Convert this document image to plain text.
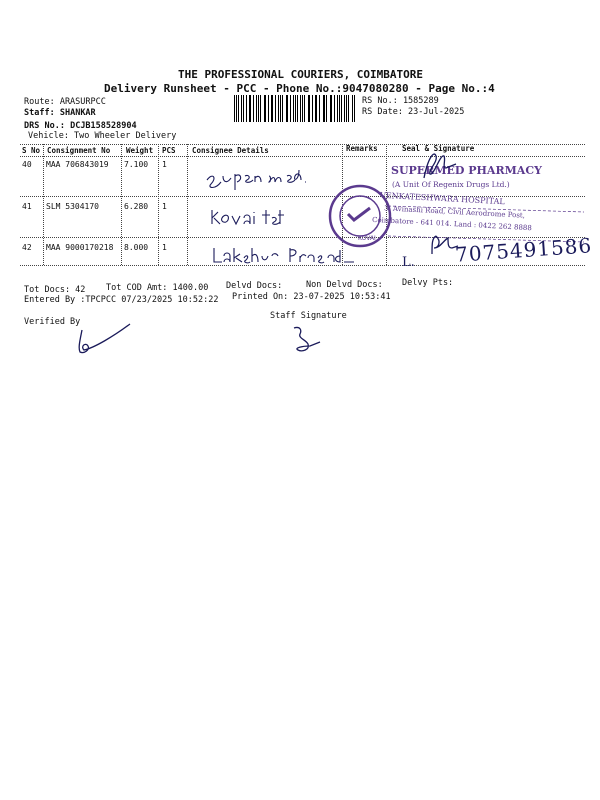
THE PROFESSIONAL COURIERS, COIMBATORE
Delivery Runsheet - PCC - Phone No.:9047080280 - Page No.:4
Route: ARASURPCC
Staff: SHANKAR
DRS No.: DCJB158528904
Vehicle: Two Wheeler Delivery
RS No.: 1585289
RS Date: 23-Jul-2025
S No Consignment No Weight PCS Consignee Details	Remarks	Seal & Signature
40 MAA 706843019 7.100 1
41 SLM 5304170	6.280 1
42 MAA 9000170218 8.000 1
KOVAI
SUPERMED PHARMACY
(A Unit Of Regenix Drugs Ltd.)
VENKATESHWARA HOSPITAL
3, Avinashi Road, Civil Aerodrome Post,
Coimbatore - 641 014. Land : 0422 262 8888
L. 7075491586
Tot Docs: 42 Tot COD Amt: 1400.00 Delvd Docs:	Non Delvd Docs: Delvy Pts:
Entered By :TPCPCC 07/23/2025 10:52:22 Printed On: 23-07-2025 10:53:41
Verified By
Staff Signature
